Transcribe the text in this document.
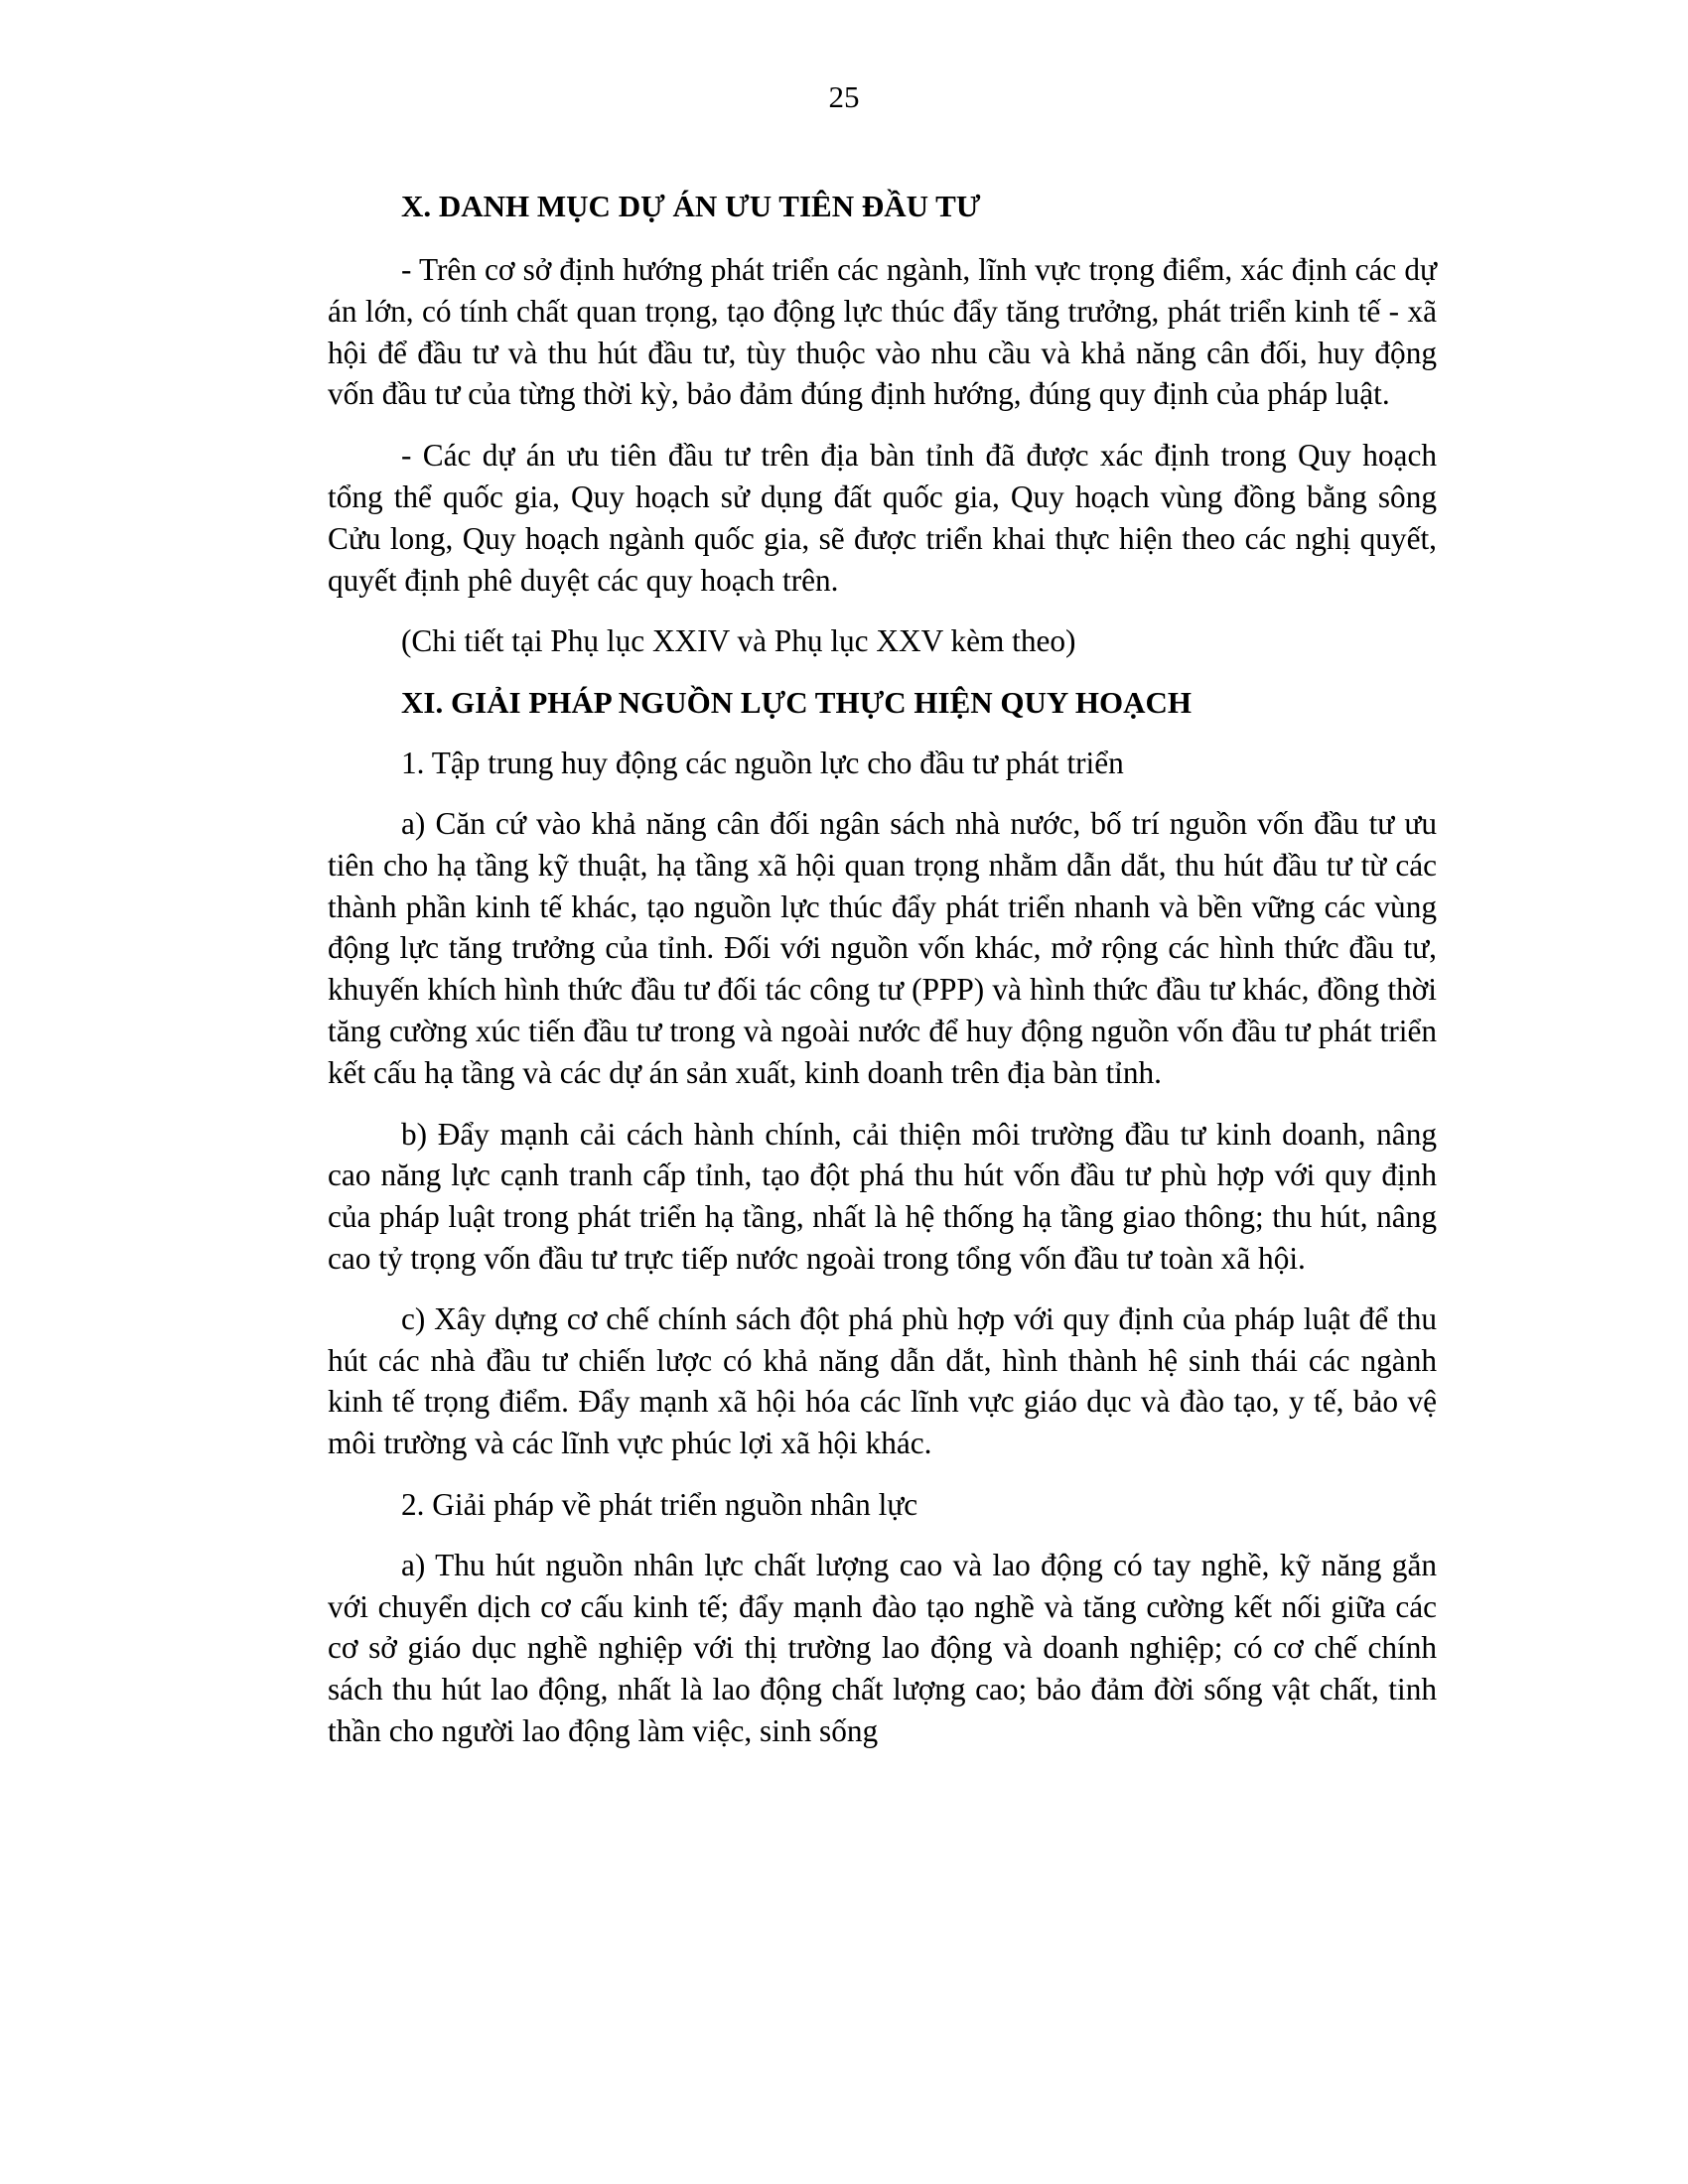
25

X. DANH MỤC DỰ ÁN ƯU TIÊN ĐẦU TƯ

- Trên cơ sở định hướng phát triển các ngành, lĩnh vực trọng điểm, xác định các dự án lớn, có tính chất quan trọng, tạo động lực thúc đẩy tăng trưởng, phát triển kinh tế - xã hội để đầu tư và thu hút đầu tư, tùy thuộc vào nhu cầu và khả năng cân đối, huy động vốn đầu tư của từng thời kỳ, bảo đảm đúng định hướng, đúng quy định của pháp luật.

- Các dự án ưu tiên đầu tư trên địa bàn tỉnh đã được xác định trong Quy hoạch tổng thể quốc gia, Quy hoạch sử dụng đất quốc gia, Quy hoạch vùng đồng bằng sông Cửu long, Quy hoạch ngành quốc gia, sẽ được triển khai thực hiện theo các nghị quyết, quyết định phê duyệt các quy hoạch trên.

(Chi tiết tại Phụ lục XXIV và Phụ lục XXV kèm theo)

XI. GIẢI PHÁP NGUỒN LỰC THỰC HIỆN QUY HOẠCH

1. Tập trung huy động các nguồn lực cho đầu tư phát triển

a) Căn cứ vào khả năng cân đối ngân sách nhà nước, bố trí nguồn vốn đầu tư ưu tiên cho hạ tầng kỹ thuật, hạ tầng xã hội quan trọng nhằm dẫn dắt, thu hút đầu tư từ các thành phần kinh tế khác, tạo nguồn lực thúc đẩy phát triển nhanh và bền vững các vùng động lực tăng trưởng của tỉnh. Đối với nguồn vốn khác, mở rộng các hình thức đầu tư, khuyến khích hình thức đầu tư đối tác công tư (PPP) và hình thức đầu tư khác, đồng thời tăng cường xúc tiến đầu tư trong và ngoài nước để huy động nguồn vốn đầu tư phát triển kết cấu hạ tầng và các dự án sản xuất, kinh doanh trên địa bàn tỉnh.

b) Đẩy mạnh cải cách hành chính, cải thiện môi trường đầu tư kinh doanh, nâng cao năng lực cạnh tranh cấp tỉnh, tạo đột phá thu hút vốn đầu tư phù hợp với quy định của pháp luật trong phát triển hạ tầng, nhất là hệ thống hạ tầng giao thông; thu hút, nâng cao tỷ trọng vốn đầu tư trực tiếp nước ngoài trong tổng vốn đầu tư toàn xã hội.

c) Xây dựng cơ chế chính sách đột phá phù hợp với quy định của pháp luật để thu hút các nhà đầu tư chiến lược có khả năng dẫn dắt, hình thành hệ sinh thái các ngành kinh tế trọng điểm. Đẩy mạnh xã hội hóa các lĩnh vực giáo dục và đào tạo, y tế, bảo vệ môi trường và các lĩnh vực phúc lợi xã hội khác.

2. Giải pháp về phát triển nguồn nhân lực

a) Thu hút nguồn nhân lực chất lượng cao và lao động có tay nghề, kỹ năng gắn với chuyển dịch cơ cấu kinh tế; đẩy mạnh đào tạo nghề và tăng cường kết nối giữa các cơ sở giáo dục nghề nghiệp với thị trường lao động và doanh nghiệp; có cơ chế chính sách thu hút lao động, nhất là lao động chất lượng cao; bảo đảm đời sống vật chất, tinh thần cho người lao động làm việc, sinh sống
